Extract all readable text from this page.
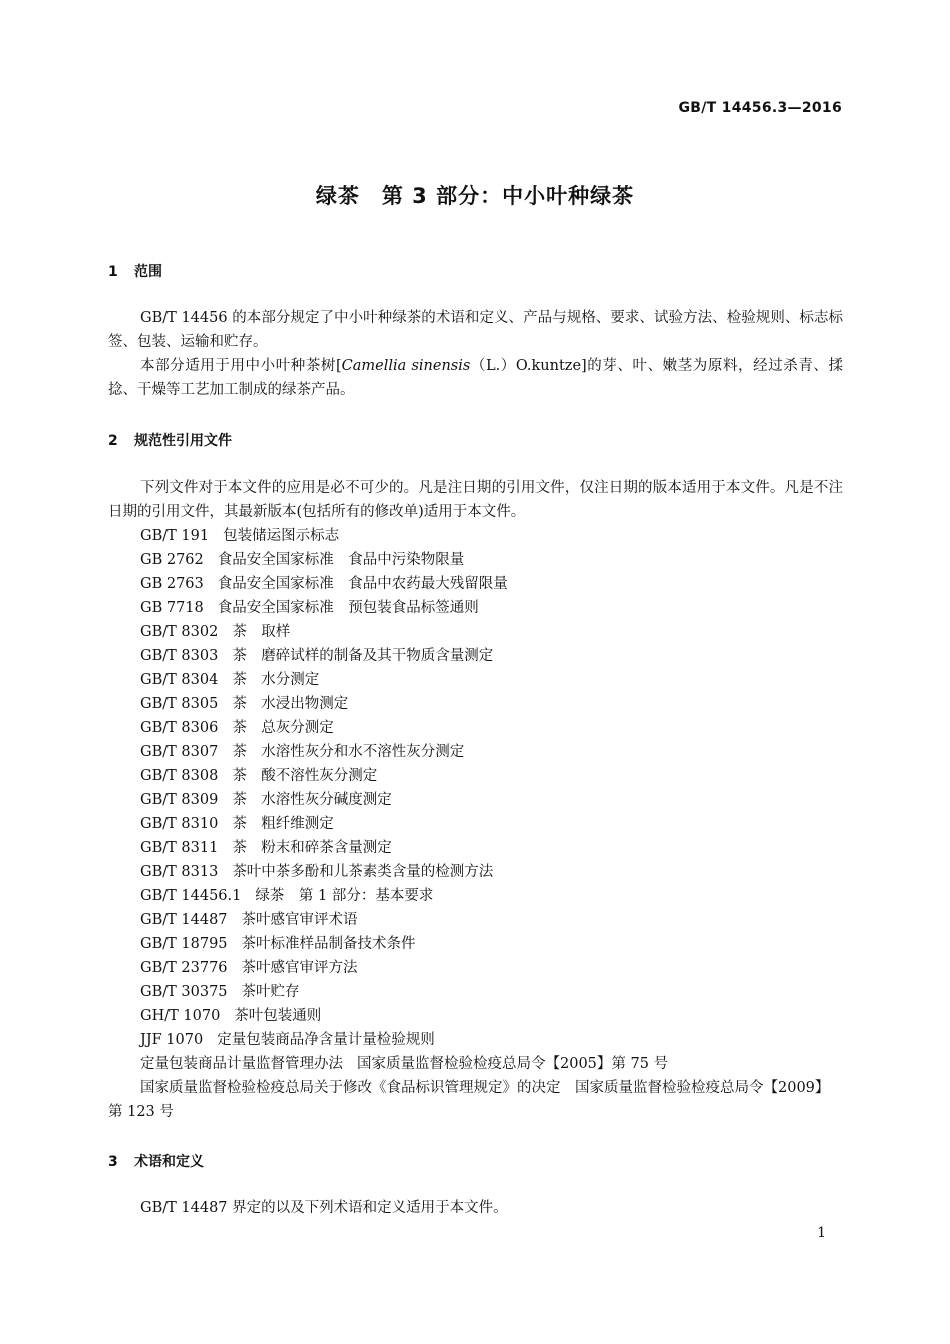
GB/T 14456.3—2016
绿茶　第 3 部分：中小叶种绿茶
1 范围
GB/T 14456 的本部分规定了中小叶种绿茶的术语和定义、产品与规格、要求、试验方法、检验规则、标志标签、包装、运输和贮存。
本部分适用于用中小叶种茶树[Camellia sinensis（L.）O.kuntze]的芽、叶、嫩茎为原料，经过杀青、揉捻、干燥等工艺加工制成的绿茶产品。
2 规范性引用文件
下列文件对于本文件的应用是必不可少的。凡是注日期的引用文件，仅注日期的版本适用于本文件。凡是不注日期的引用文件，其最新版本(包括所有的修改单)适用于本文件。
GB/T 191 包装储运图示标志
GB 2762 食品安全国家标准　食品中污染物限量
GB 2763 食品安全国家标准　食品中农药最大残留限量
GB 7718 食品安全国家标准　预包装食品标签通则
GB/T 8302 茶　取样
GB/T 8303 茶　磨碎试样的制备及其干物质含量测定
GB/T 8304 茶　水分测定
GB/T 8305 茶　水浸出物测定
GB/T 8306 茶　总灰分测定
GB/T 8307 茶　水溶性灰分和水不溶性灰分测定
GB/T 8308 茶　酸不溶性灰分测定
GB/T 8309 茶　水溶性灰分碱度测定
GB/T 8310 茶　粗纤维测定
GB/T 8311 茶　粉末和碎茶含量测定
GB/T 8313 茶叶中茶多酚和儿茶素类含量的检测方法
GB/T 14456.1 绿茶　第 1 部分：基本要求
GB/T 14487 茶叶感官审评术语
GB/T 18795 茶叶标准样品制备技术条件
GB/T 23776 茶叶感官审评方法
GB/T 30375 茶叶贮存
GH/T 1070 茶叶包装通则
JJF 1070 定量包装商品净含量计量检验规则
定量包装商品计量监督管理办法 国家质量监督检验检疫总局令【2005】第 75 号
国家质量监督检验检疫总局关于修改《食品标识管理规定》的决定　国家质量监督检验检疫总局令【2009】第 123 号
3 术语和定义
GB/T 14487 界定的以及下列术语和定义适用于本文件。
1
